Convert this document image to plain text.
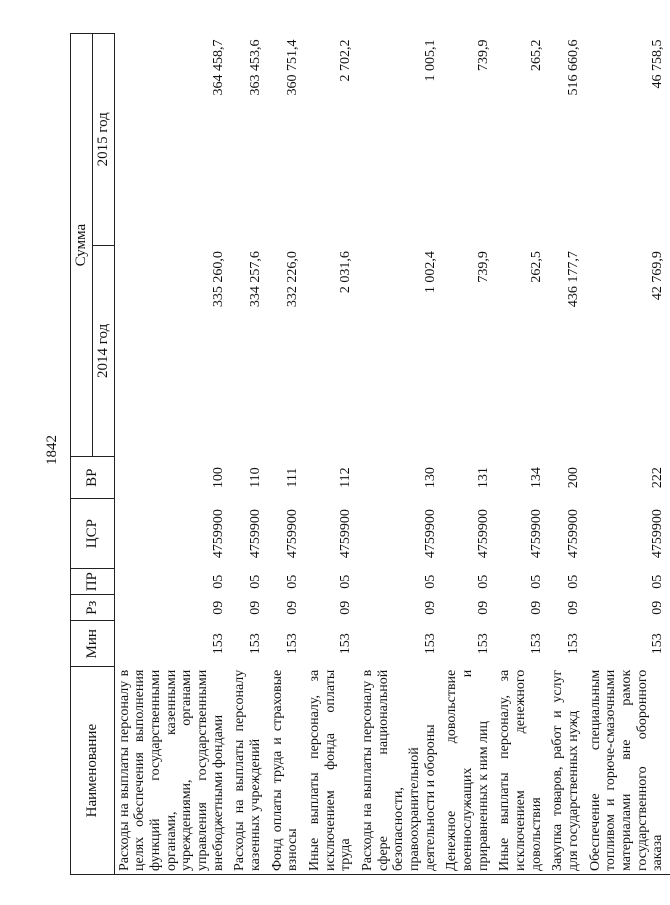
1842
Наименование	Мин	Рз	ПР	ЦСР	ВР	Сумма	
						2014 год	2015 год
Расходы на выплаты персоналу в целях обеспечения выполнения функций государственными органами, казенными учреждениями, органами управления государственными внебюджетными фондами	153	09	05	4759900	100	335 260,0	364 458,7
Расходы на выплаты персоналу казенных учреждений	153	09	05	4759900	110	334 257,6	363 453,6
Фонд оплаты труда и страховые взносы	153	09	05	4759900	111	332 226,0	360 751,4
Иные выплаты персоналу, за исключением фонда оплаты труда	153	09	05	4759900	112	2 031,6	2 702,2
Расходы на выплаты персоналу в сфере национальной безопасности, правоохранительной деятельности и обороны	153	09	05	4759900	130	1 002,4	1 005,1
Денежное довольствие военнослужащих и приравненных к ним лиц	153	09	05	4759900	131	739,9	739,9
Иные выплаты персоналу, за исключением денежного довольствия	153	09	05	4759900	134	262,5	265,2
Закупка товаров, работ и услуг для государственных нужд	153	09	05	4759900	200	436 177,7	516 660,6
Обеспечение специальным топливом и горюче-смазочными материалами вне рамок государственного оборонного заказа	153	09	05	4759900	222	42 769,9	46 758,5
